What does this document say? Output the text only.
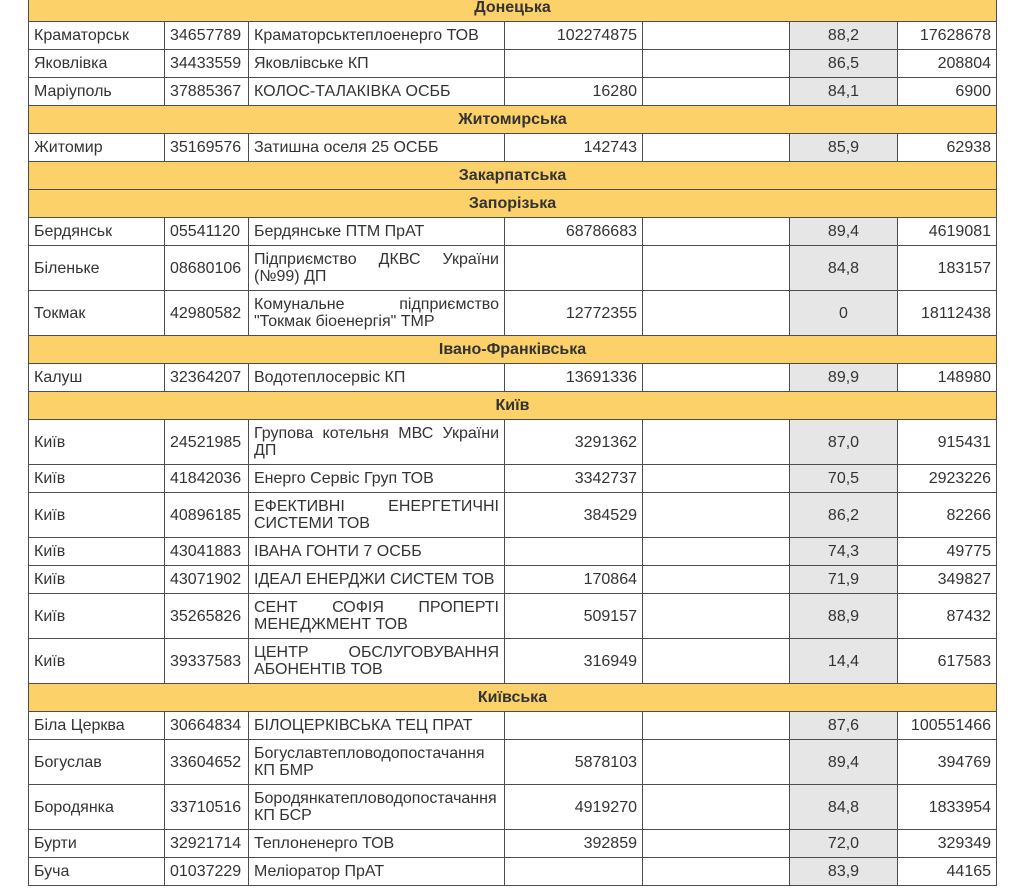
Донецька						
Краматорськ	34657789	Краматорськтеплоенерго ТОВ	102274875		88,2	17628678
Яковлівка	34433559	Яковлівське КП			86,5	208804
Маріуполь	37885367	КОЛОС-ТАЛАКІВКА ОСББ	16280		84,1	6900
Житомирська						
Житомир	35169576	Затишна оселя 25 ОСББ	142743		85,9	62938
Закарпатська						
Запорізька						
Бердянськ	05541120	Бердянське ПТМ ПрАТ	68786683		89,4	4619081
Біленьке	08680106	Підприємство ДКВС України (№99) ДП			84,8	183157
Токмак	42980582	Комунальне підприємство "Токмак біоенергія" ТМР	12772355		0	18112438
Івано-Франківська						
Калуш	32364207	Водотеплосервіс КП	13691336		89,9	148980
Київ						
Київ	24521985	Групова котельня МВС України ДП	3291362		87,0	915431
Київ	41842036	Енерго Сервіс Груп ТОВ	3342737		70,5	2923226
Київ	40896185	ЕФЕКТИВНІ ЕНЕРГЕТИЧНІ СИСТЕМИ ТОВ	384529		86,2	82266
Київ	43041883	ІВАНА ГОНТИ 7 ОСББ			74,3	49775
Київ	43071902	ІДЕАЛ ЕНЕРДЖИ СИСТЕМ ТОВ	170864		71,9	349827
Київ	35265826	СЕНТ СОФІЯ ПРОПЕРТІ МЕНЕДЖМЕНТ ТОВ	509157		88,9	87432
Київ	39337583	ЦЕНТР ОБСЛУГОВУВАННЯ АБОНЕНТІВ ТОВ	316949		14,4	617583
Київська						
Біла Церква	30664834	БІЛОЦЕРКІВСЬКА ТЕЦ ПРАТ			87,6	100551466
Богуслав	33604652	Богуславтепловодопостачання КП БМР	5878103		89,4	394769
Бородянка	33710516	Бородянкатепловодопостачання КП БСР	4919270		84,8	1833954
Бурти	32921714	Теплоненерго ТОВ	392859		72,0	329349
Буча	01037229	Меліоратор ПрАТ			83,9	44165
